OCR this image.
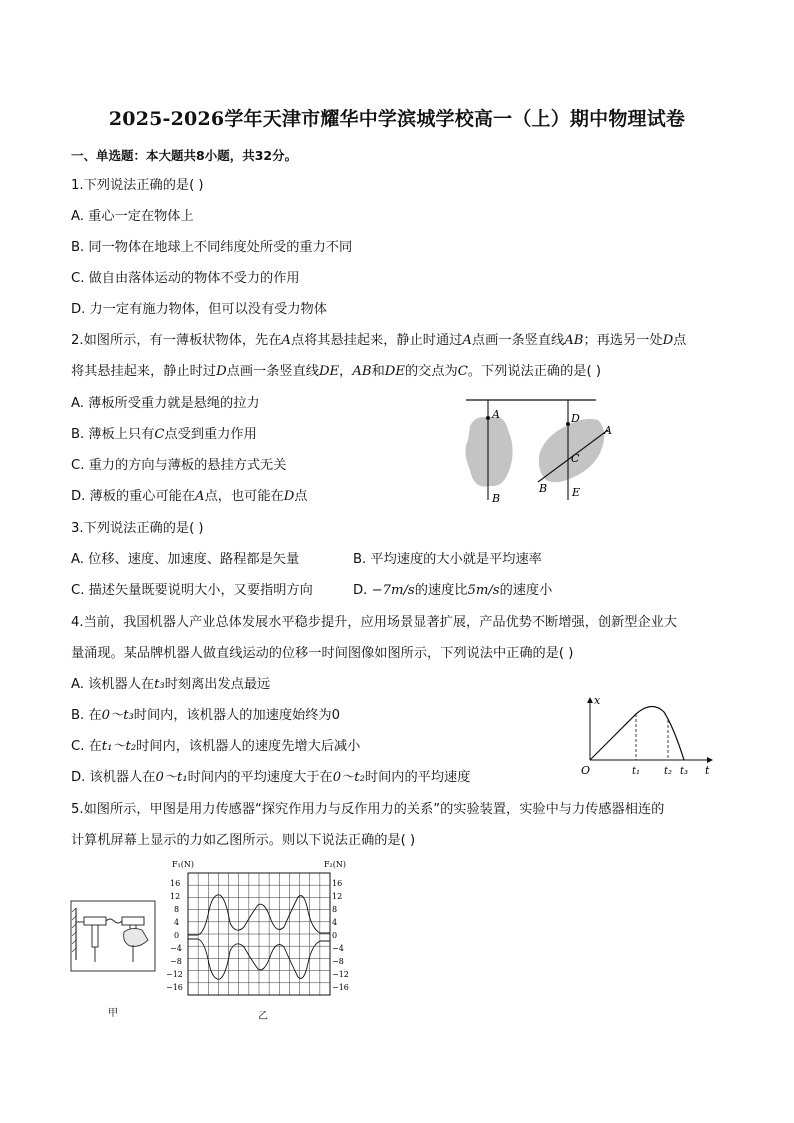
2025-2026学年天津市耀华中学滨城学校高一（上）期中物理试卷
一、单选题：本大题共8小题，共32分。
1.下列说法正确的是( )
A. 重心一定在物体上
B. 同一物体在地球上不同纬度处所受的重力不同
C. 做自由落体运动的物体不受力的作用
D. 力一定有施力物体，但可以没有受力物体
2.如图所示，有一薄板状物体，先在A点将其悬挂起来，静止时通过A点画一条竖直线AB；再选另一处D点
将其悬挂起来，静止时过D点画一条竖直线DE，AB和DE的交点为C。下列说法正确的是( )
A. 薄板所受重力就是悬绳的拉力
B. 薄板上只有C点受到重力作用
C. 重力的方向与薄板的悬挂方式无关
D. 薄板的重心可能在A点，也可能在D点
A
B
D
A
C
B E
3.下列说法正确的是( )
A. 位移、速度、加速度、路程都是矢量	B. 平均速度的大小就是平均速率
C. 描述矢量既要说明大小，又要指明方向	D. −7m/s的速度比5m/s的速度小
4.当前，我国机器人产业总体发展水平稳步提升，应用场景显著扩展，产品优势不断增强，创新型企业大
量涌现。某品牌机器人做直线运动的位移一时间图像如图所示，下列说法中正确的是( )
A. 该机器人在t₃时刻离出发点最远
B. 在0～t₃时间内，该机器人的加速度始终为0
C. 在t₁～t₂时间内，该机器人的速度先增大后减小
D. 该机器人在0～t₁时间内的平均速度大于在0～t₂时间内的平均速度
x
O	t
t₁ t₂ t₃
5.如图所示，甲图是用力传感器“探究作用力与反作用力的关系”的实验装置，实验中与力传感器相连的
计算机屏幕上显示的力如乙图所示。则以下说法正确的是( )
甲
F₁(N)	F₂(N)
16	16
12	12
8	8
4	4
0	0
−4	−4
−8	−8
−12	−12
−16	−16
乙
